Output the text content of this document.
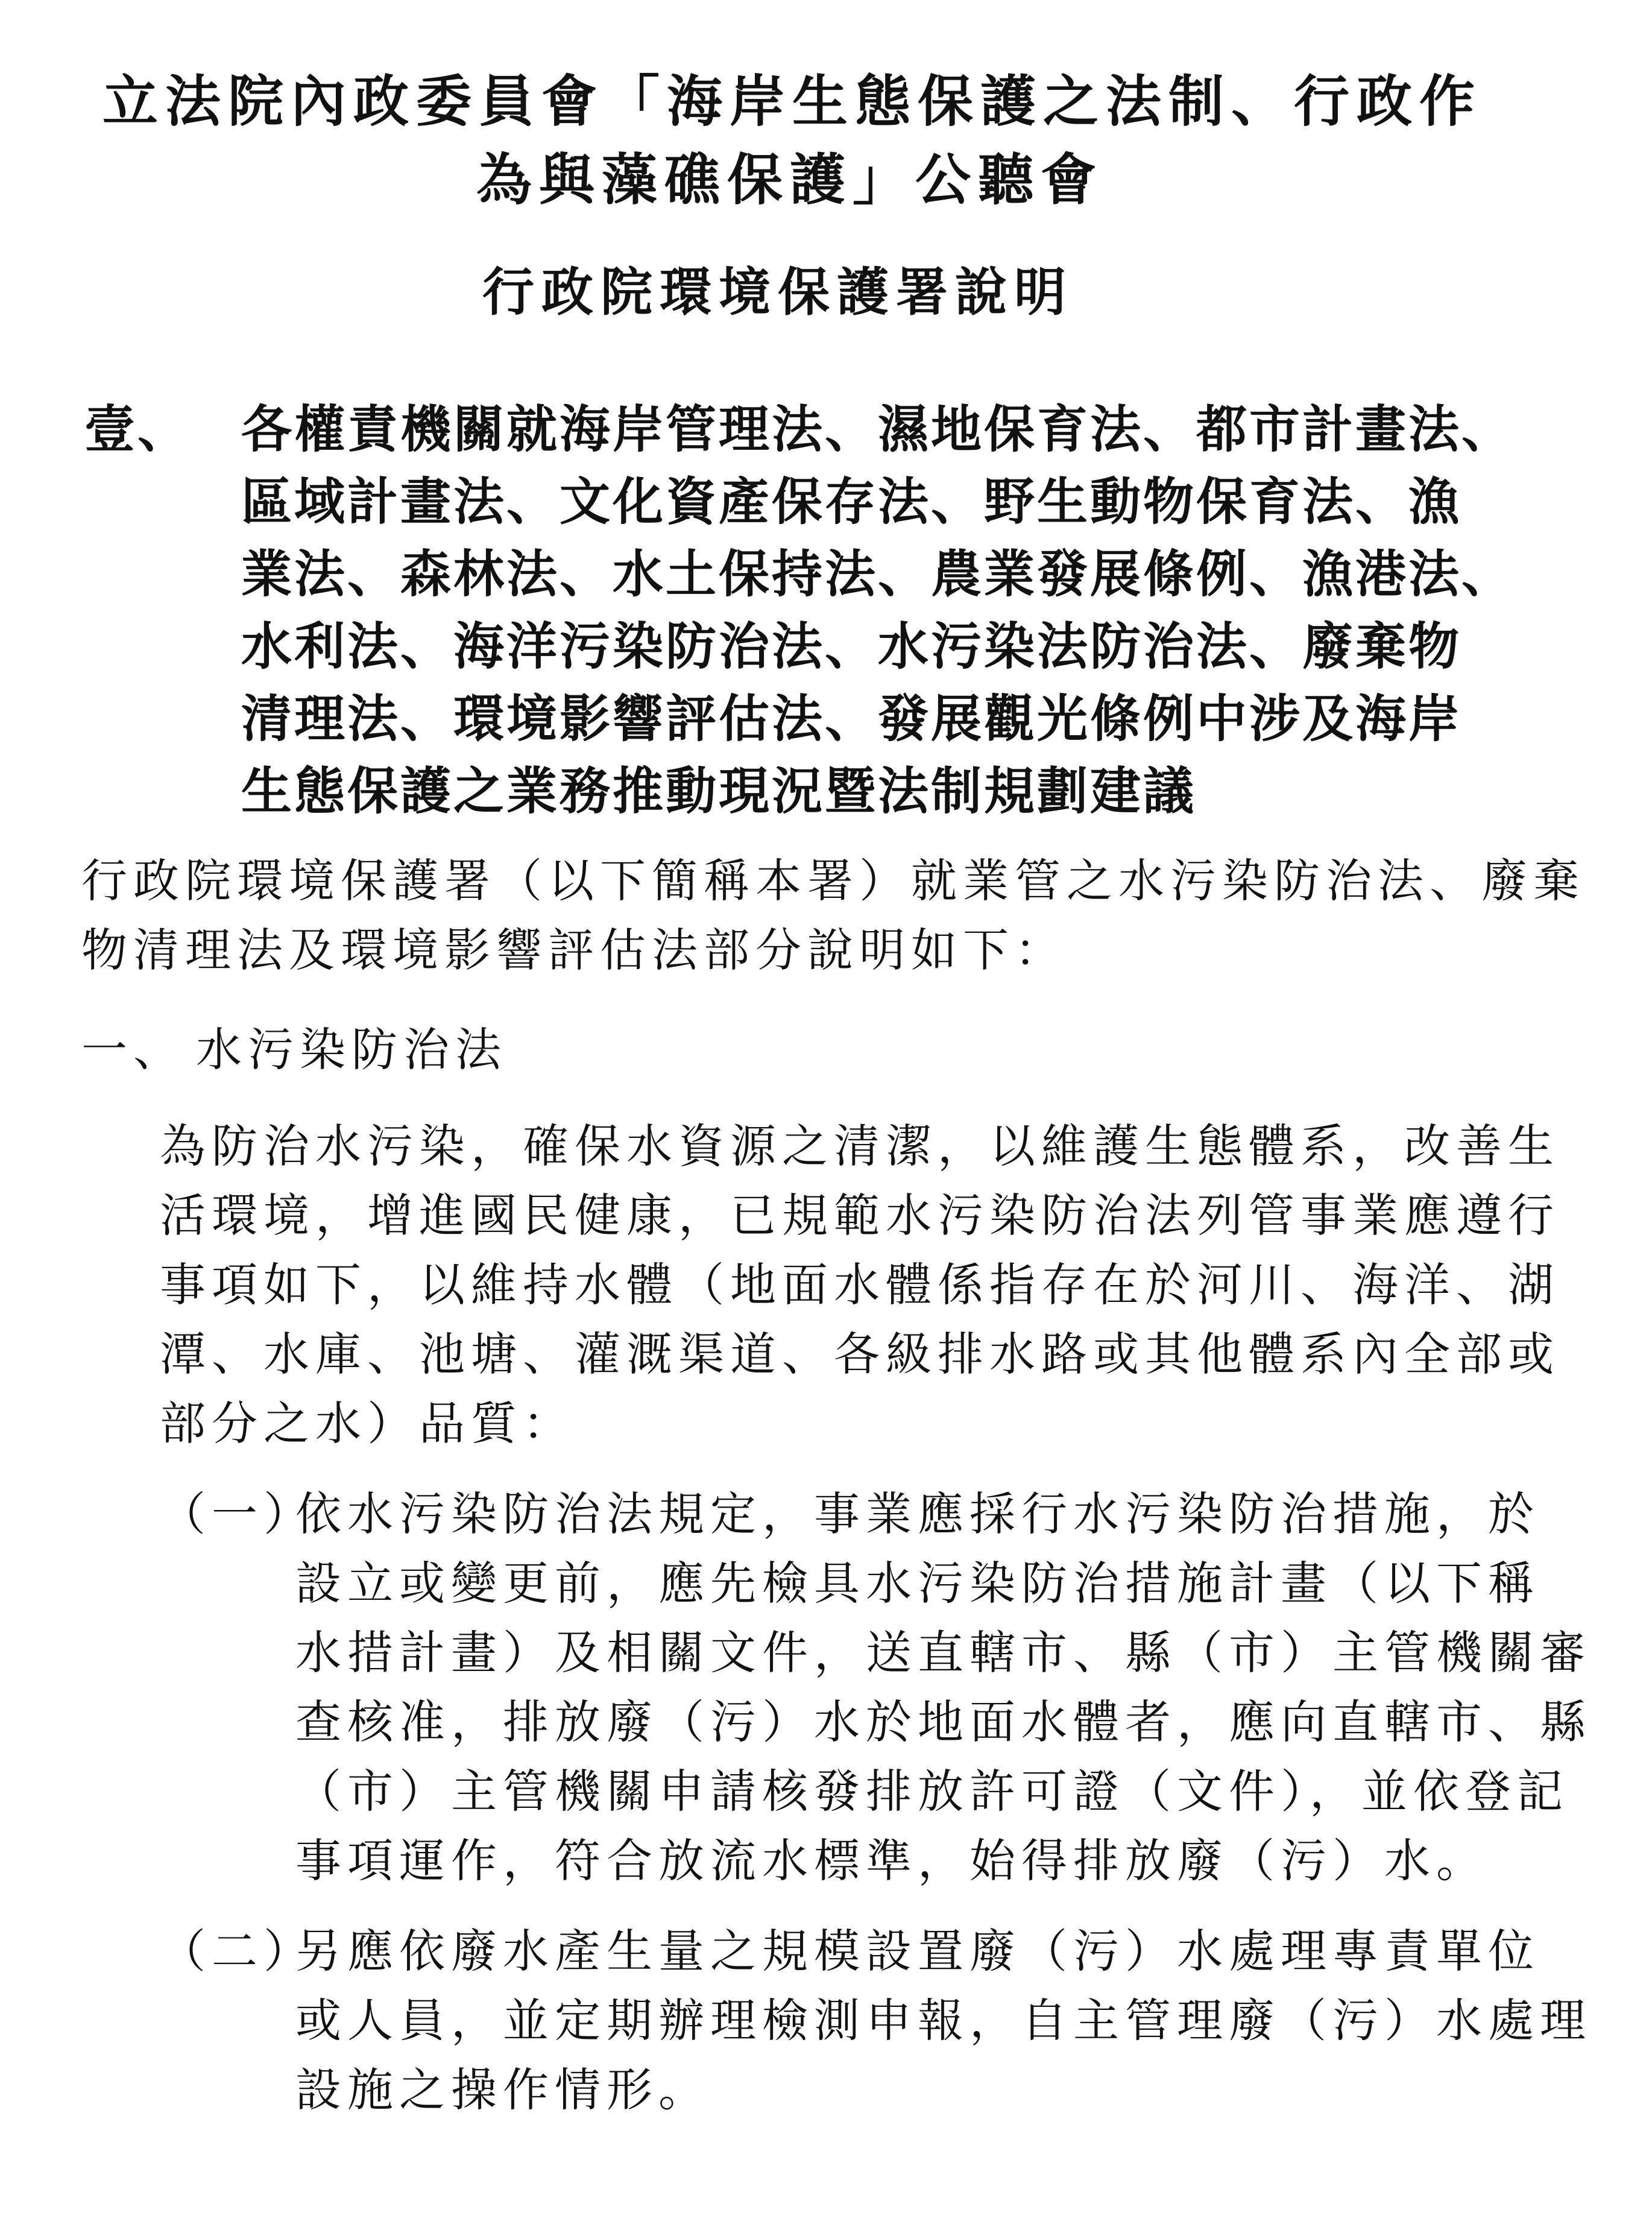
立法院內政委員會「海岸生態保護之法制、行政作
為與藻礁保護」公聽會
行政院環境保護署說明
壹、 各權責機關就海岸管理法、濕地保育法、都市計畫法、
區域計畫法、文化資產保存法、野生動物保育法、漁
業法、森林法、水土保持法、農業發展條例、漁港法、
水利法、海洋污染防治法、水污染法防治法、廢棄物
清理法、環境影響評估法、發展觀光條例中涉及海岸
生態保護之業務推動現況暨法制規劃建議
行政院環境保護署（以下簡稱本署）就業管之水污染防治法、廢棄
物清理法及環境影響評估法部分說明如下：
一、 水污染防治法
為防治水污染，確保水資源之清潔，以維護生態體系，改善生
活環境，增進國民健康，已規範水污染防治法列管事業應遵行
事項如下，以維持水體（地面水體係指存在於河川、海洋、湖
潭、水庫、池塘、灌溉渠道、各級排水路或其他體系內全部或
部分之水）品質：
（一）
依水污染防治法規定，事業應採行水污染防治措施，於
設立或變更前，應先檢具水污染防治措施計畫（以下稱
水措計畫）及相關文件，送直轄市、縣（市）主管機關審
查核准，排放廢（污）水於地面水體者，應向直轄市、縣
（市）主管機關申請核發排放許可證（文件），並依登記
事項運作，符合放流水標準，始得排放廢（污）水。
（二）
另應依廢水產生量之規模設置廢（污）水處理專責單位
或人員，並定期辦理檢測申報，自主管理廢（污）水處理
設施之操作情形。
